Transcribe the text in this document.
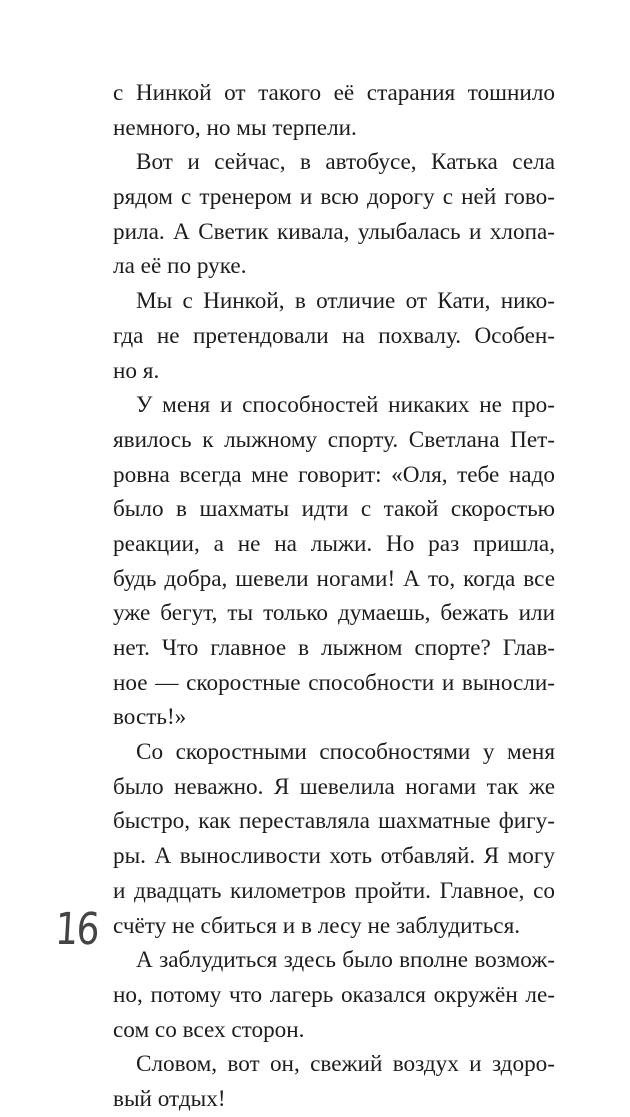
с Нинкой от такого её старания тошнило
немного, но мы терпели.
Вот и сейчас, в автобусе, Катька села
рядом с тренером и всю дорогу с ней гово-
рила. А Светик кивала, улыбалась и хлопа-
ла её по руке.
Мы с Нинкой, в отличие от Кати, нико-
гда не претендовали на похвалу. Особен-
но я.
У меня и способностей никаких не про-
явилось к лыжному спорту. Светлана Пет-
ровна всегда мне говорит: «Оля, тебе надо
было в шахматы идти с такой скоростью
реакции, а не на лыжи. Но раз пришла,
будь добра, шевели ногами! А то, когда все
уже бегут, ты только думаешь, бежать или
нет. Что главное в лыжном спорте? Глав-
ное — скоростные способности и выносли-
вость!»
Со скоростными способностями у меня
было неважно. Я шевелила ногами так же
быстро, как переставляла шахматные фигу-
ры. А выносливости хоть отбавляй. Я могу
и двадцать километров пройти. Главное, со
счёту не сбиться и в лесу не заблудиться.
А заблудиться здесь было вполне возмож-
но, потому что лагерь оказался окружён ле-
сом со всех сторон.
Словом, вот он, свежий воздух и здоро-
вый отдых!
16
